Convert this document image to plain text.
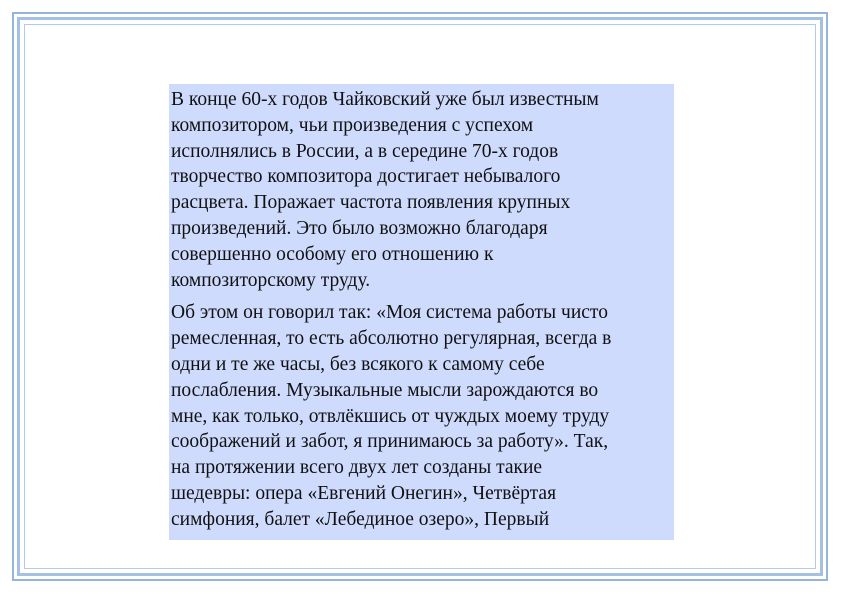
В конце 60-х годов Чайковский уже был известным
композитором, чьи произведения с успехом
исполнялись в России, а в середине 70-х годов
творчество композитора достигает небывалого
расцвета. Поражает частота появления крупных
произведений. Это было возможно благодаря
совершенно особому его отношению к
композиторскому труду.

Об этом он говорил так: «Моя система работы чисто
ремесленная, то есть абсолютно регулярная, всегда в
одни и те же часы, без всякого к самому себе
послабления. Музыкальные мысли зарождаются во
мне, как только, отвлёкшись от чуждых моему труду
соображений и забот, я принимаюсь за работу». Так,
на протяжении всего двух лет созданы такие
шедевры: опера «Евгений Онегин», Четвёртая
симфония, балет «Лебединое озеро», Первый
